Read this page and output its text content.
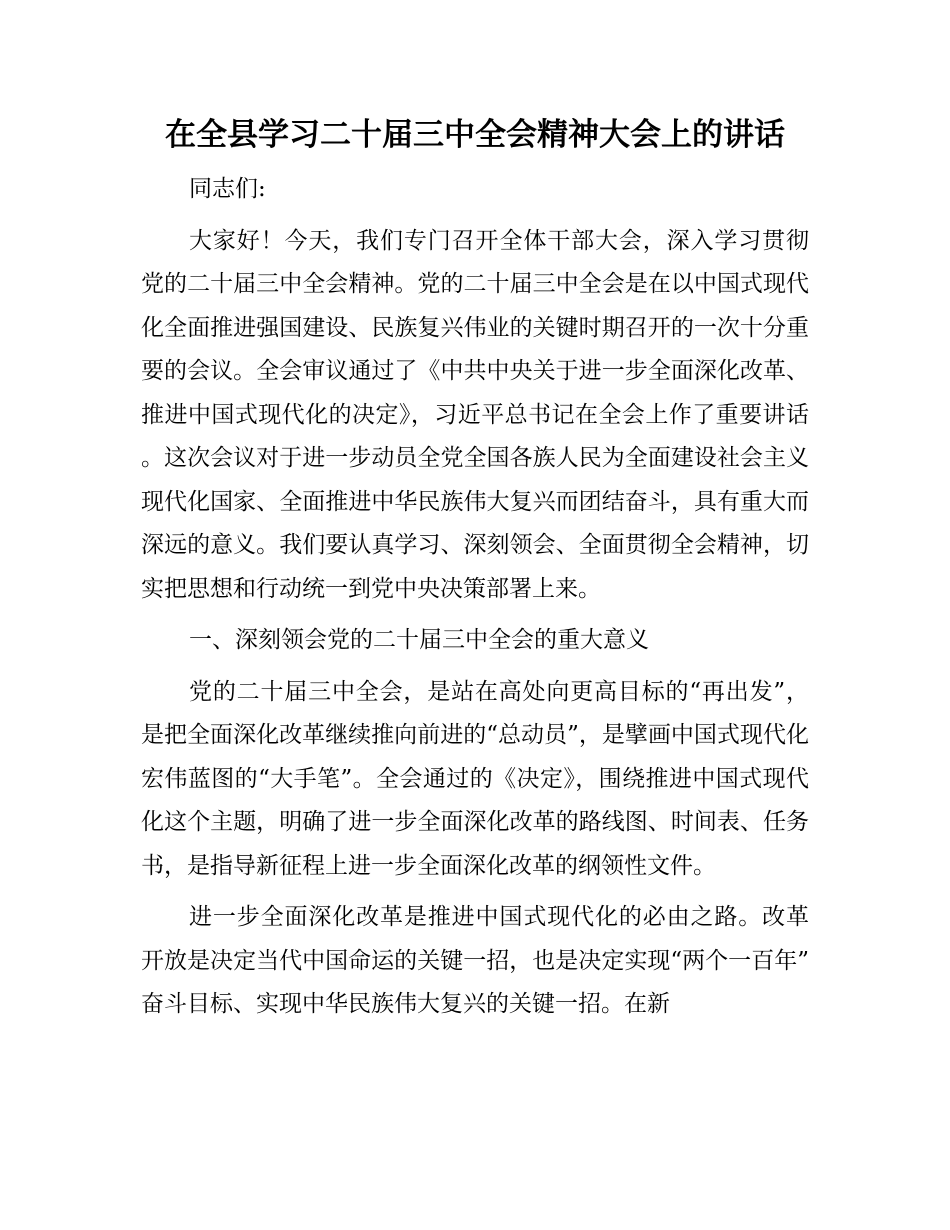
在全县学习二十届三中全会精神大会上的讲话

同志们:

大家好！今天，我们专门召开全体干部大会，深入学习贯彻党的二十届三中全会精神。党的二十届三中全会是在以中国式现代化全面推进强国建设、民族复兴伟业的关键时期召开的一次十分重要的会议。全会审议通过了《中共中央关于进一步全面深化改革、推进中国式现代化的决定》，习近平总书记在全会上作了重要讲话。这次会议对于进一步动员全党全国各族人民为全面建设社会主义现代化国家、全面推进中华民族伟大复兴而团结奋斗，具有重大而深远的意义。我们要认真学习、深刻领会、全面贯彻全会精神，切实把思想和行动统一到党中央决策部署上来。

一、深刻领会党的二十届三中全会的重大意义

党的二十届三中全会，是站在高处向更高目标的“再出发”，是把全面深化改革继续推向前进的“总动员”，是擘画中国式现代化宏伟蓝图的“大手笔”。全会通过的《决定》，围绕推进中国式现代化这个主题，明确了进一步全面深化改革的路线图、时间表、任务书，是指导新征程上进一步全面深化改革的纲领性文件。

进一步全面深化改革是推进中国式现代化的必由之路。改革开放是决定当代中国命运的关键一招，也是决定实现“两个一百年”奋斗目标、实现中华民族伟大复兴的关键一招。在新
